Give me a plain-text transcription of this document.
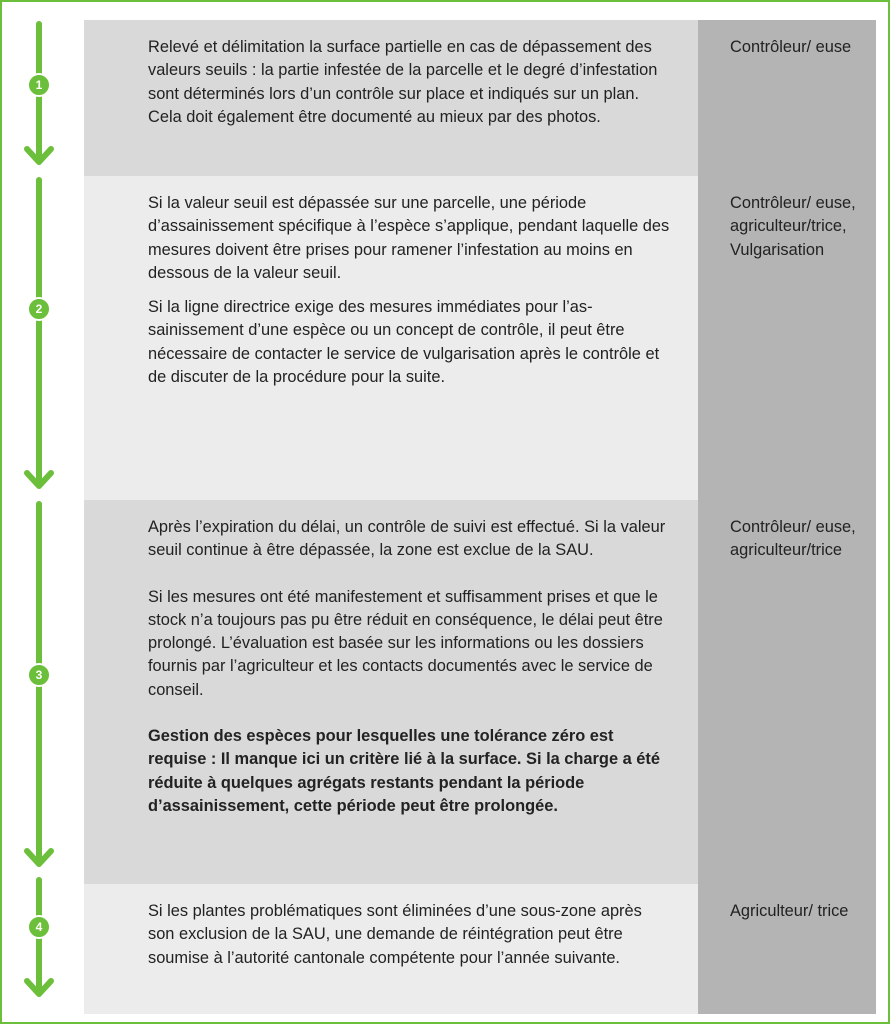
1
2
3
4

Relevé et délimitation la surface partielle en cas de dépassement des valeurs seuils : la partie infestée de la parcelle et le degré d’infestation sont déterminés lors d’un contrôle sur place et indiqués sur un plan. Cela doit également être documenté au mieux par des photos.

Contrôleur/ euse

Si la valeur seuil est dépassée sur une parcelle, une période d’assainissement spécifique à l’espèce s’applique, pendant laquelle des mesures doivent être prises pour ramener l’infestation au moins en dessous de la valeur seuil.

Si la ligne directrice exige des mesures immédiates pour l’assainissement d’une espèce ou un concept de contrôle, il peut être nécessaire de contacter le service de vulgarisation après le contrôle et de discuter de la procédure pour la suite.

Contrôleur/ euse, agriculteur/trice, Vulgarisation

Après l’expiration du délai, un contrôle de suivi est effectué. Si la valeur seuil continue à être dépassée, la zone est exclue de la SAU.

Si les mesures ont été manifestement et suffisamment prises et que le stock n’a toujours pas pu être réduit en conséquence, le délai peut être prolongé. L’évaluation est basée sur les informations ou les dossiers fournis par l’agriculteur et les contacts documentés avec le service de conseil.

Gestion des espèces pour lesquelles une tolérance zéro est requise : Il manque ici un critère lié à la surface. Si la charge a été réduite à quelques agrégats restants pendant la période d’assainissement, cette période peut être prolongée.

Contrôleur/ euse, agriculteur/trice

Si les plantes problématiques sont éliminées d’une sous-zone après son exclusion de la SAU, une demande de réintégration peut être soumise à l’autorité cantonale compétente pour l’année suivante.

Agriculteur/ trice
